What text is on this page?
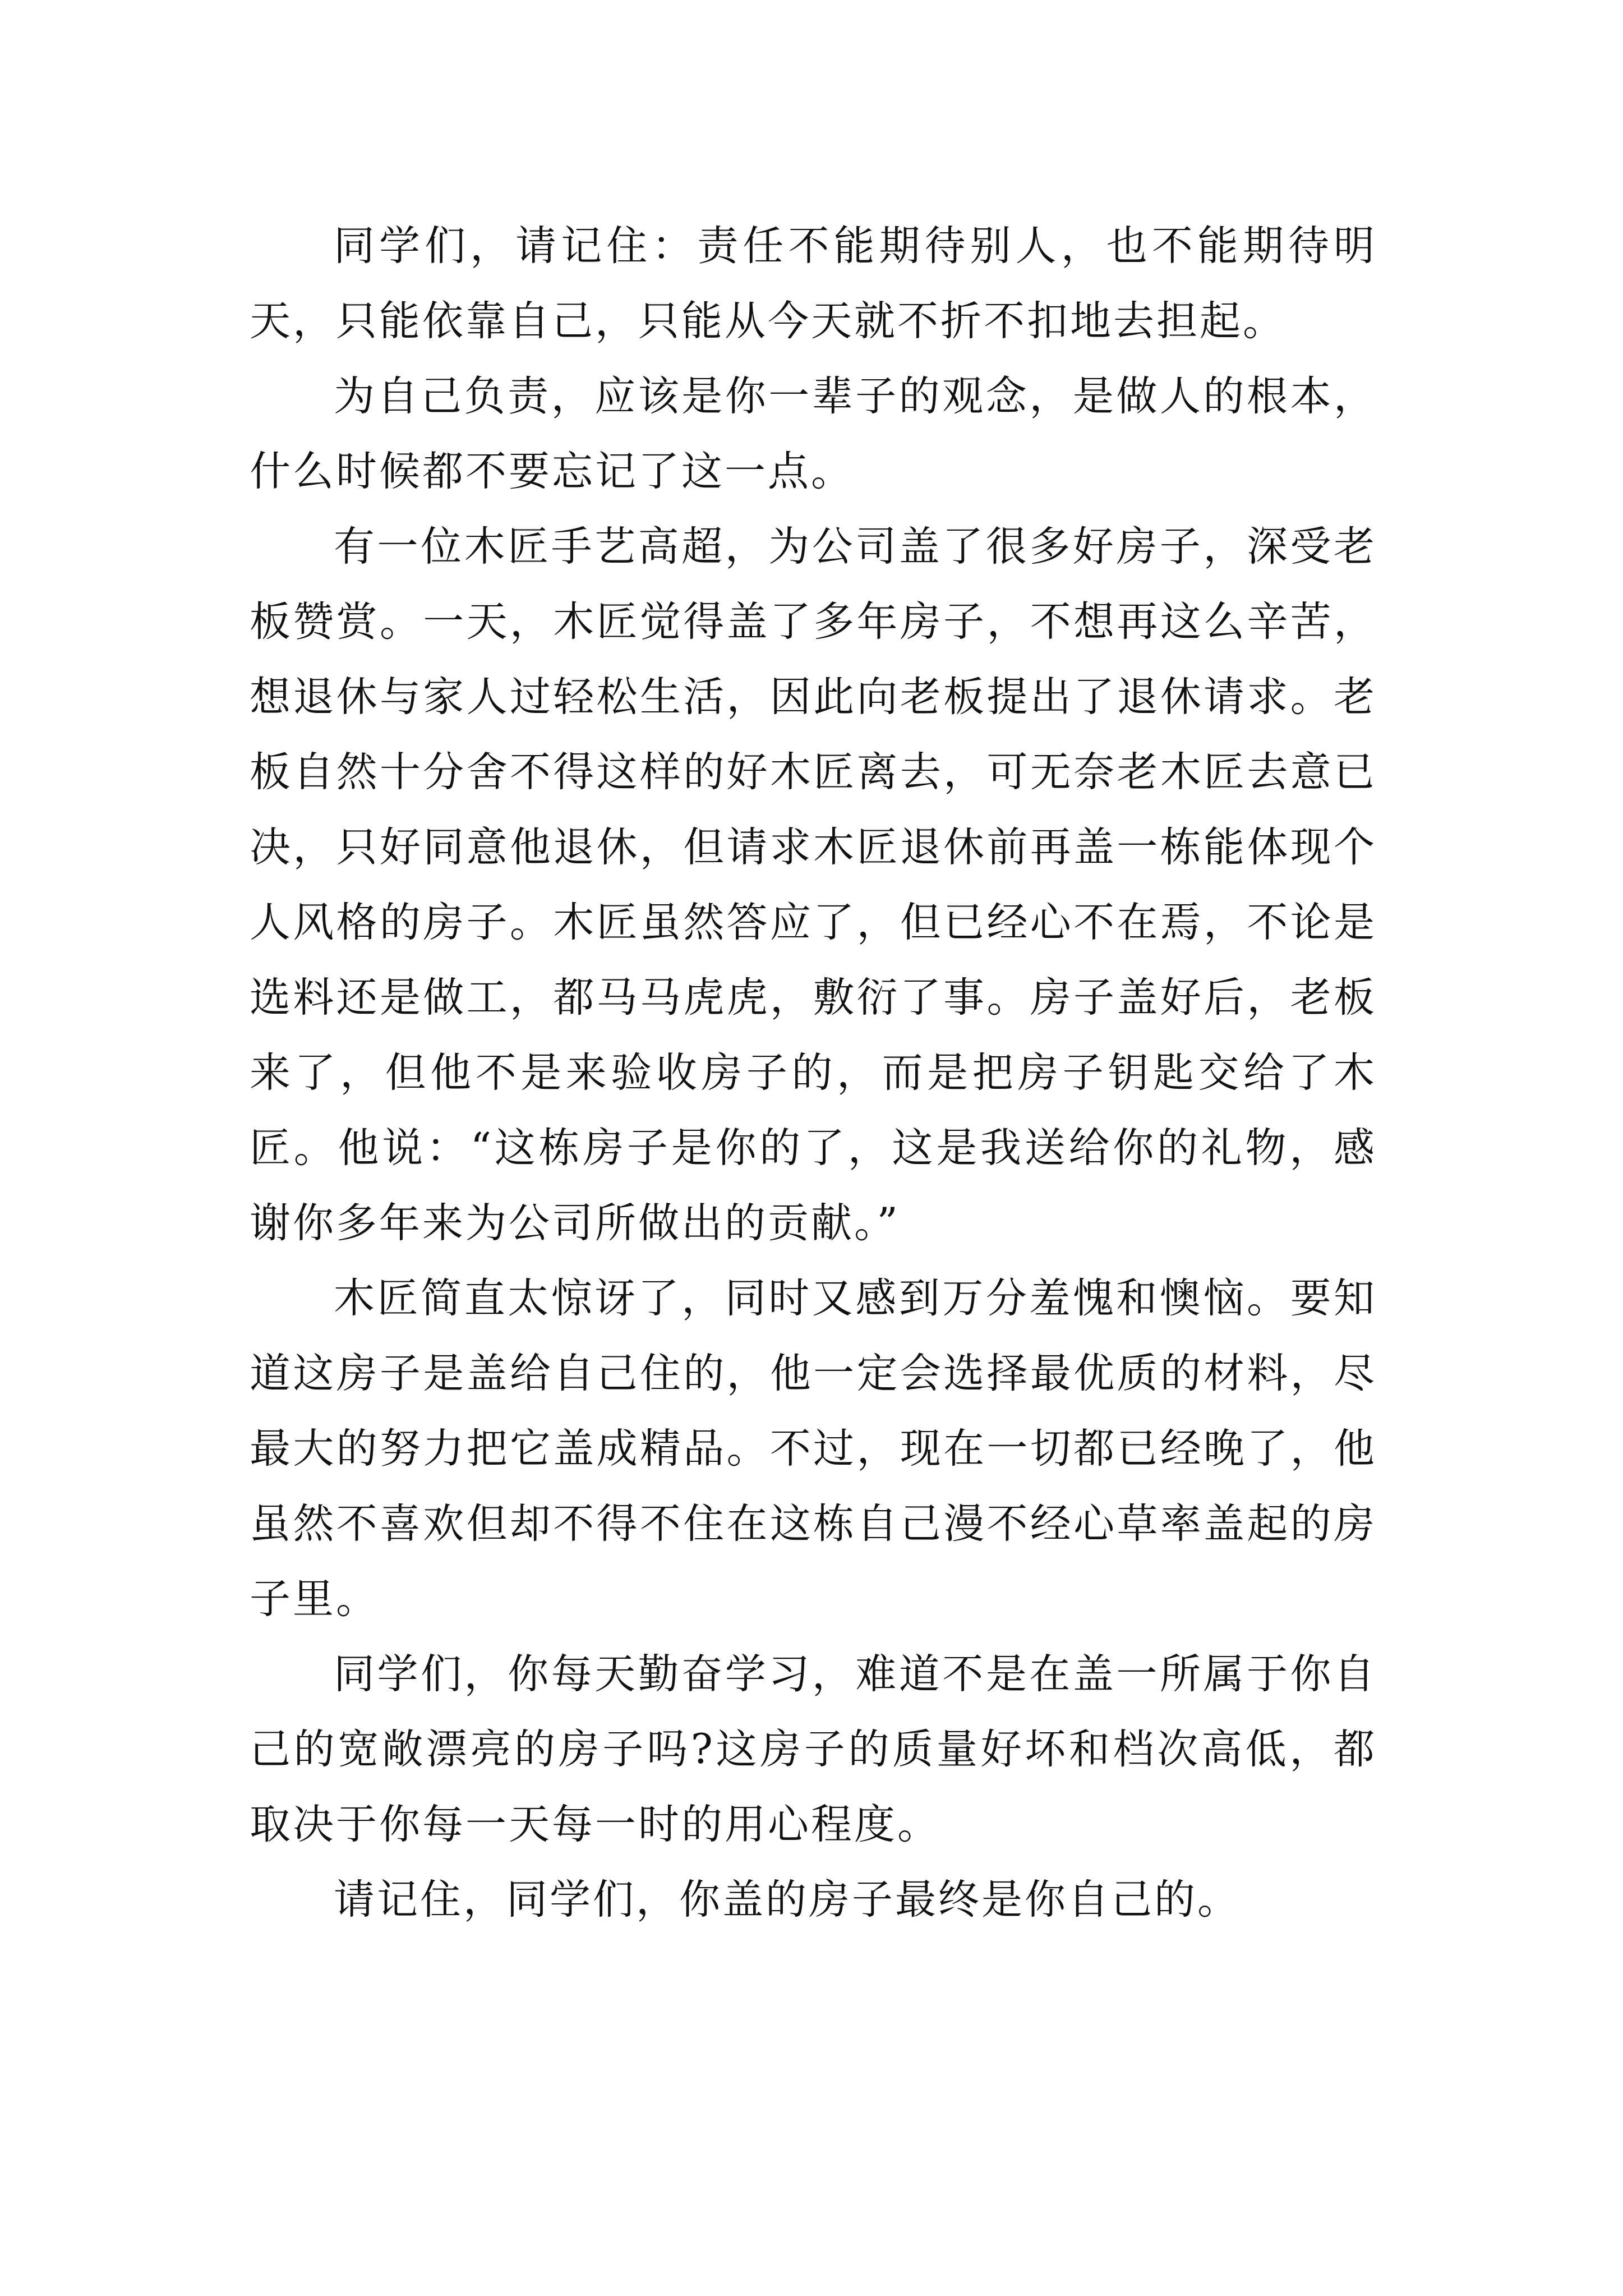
同学们，请记住：责任不能期待别人，也不能期待明天，只能依靠自己，只能从今天就不折不扣地去担起。

为自己负责，应该是你一辈子的观念，是做人的根本，什么时候都不要忘记了这一点。

有一位木匠手艺高超，为公司盖了很多好房子，深受老板赞赏。一天，木匠觉得盖了多年房子，不想再这么辛苦，想退休与家人过轻松生活，因此向老板提出了退休请求。老板自然十分舍不得这样的好木匠离去，可无奈老木匠去意已决，只好同意他退休，但请求木匠退休前再盖一栋能体现个人风格的房子。木匠虽然答应了，但已经心不在焉，不论是选料还是做工，都马马虎虎，敷衍了事。房子盖好后，老板来了，但他不是来验收房子的，而是把房子钥匙交给了木匠。他说：“这栋房子是你的了，这是我送给你的礼物，感谢你多年来为公司所做出的贡献。”

木匠简直太惊讶了，同时又感到万分羞愧和懊恼。要知道这房子是盖给自己住的，他一定会选择最优质的材料，尽最大的努力把它盖成精品。不过，现在一切都已经晚了，他虽然不喜欢但却不得不住在这栋自己漫不经心草率盖起的房子里。

同学们，你每天勤奋学习，难道不是在盖一所属于你自己的宽敞漂亮的房子吗?这房子的质量好坏和档次高低，都取决于你每一天每一时的用心程度。

请记住，同学们，你盖的房子最终是你自己的。
